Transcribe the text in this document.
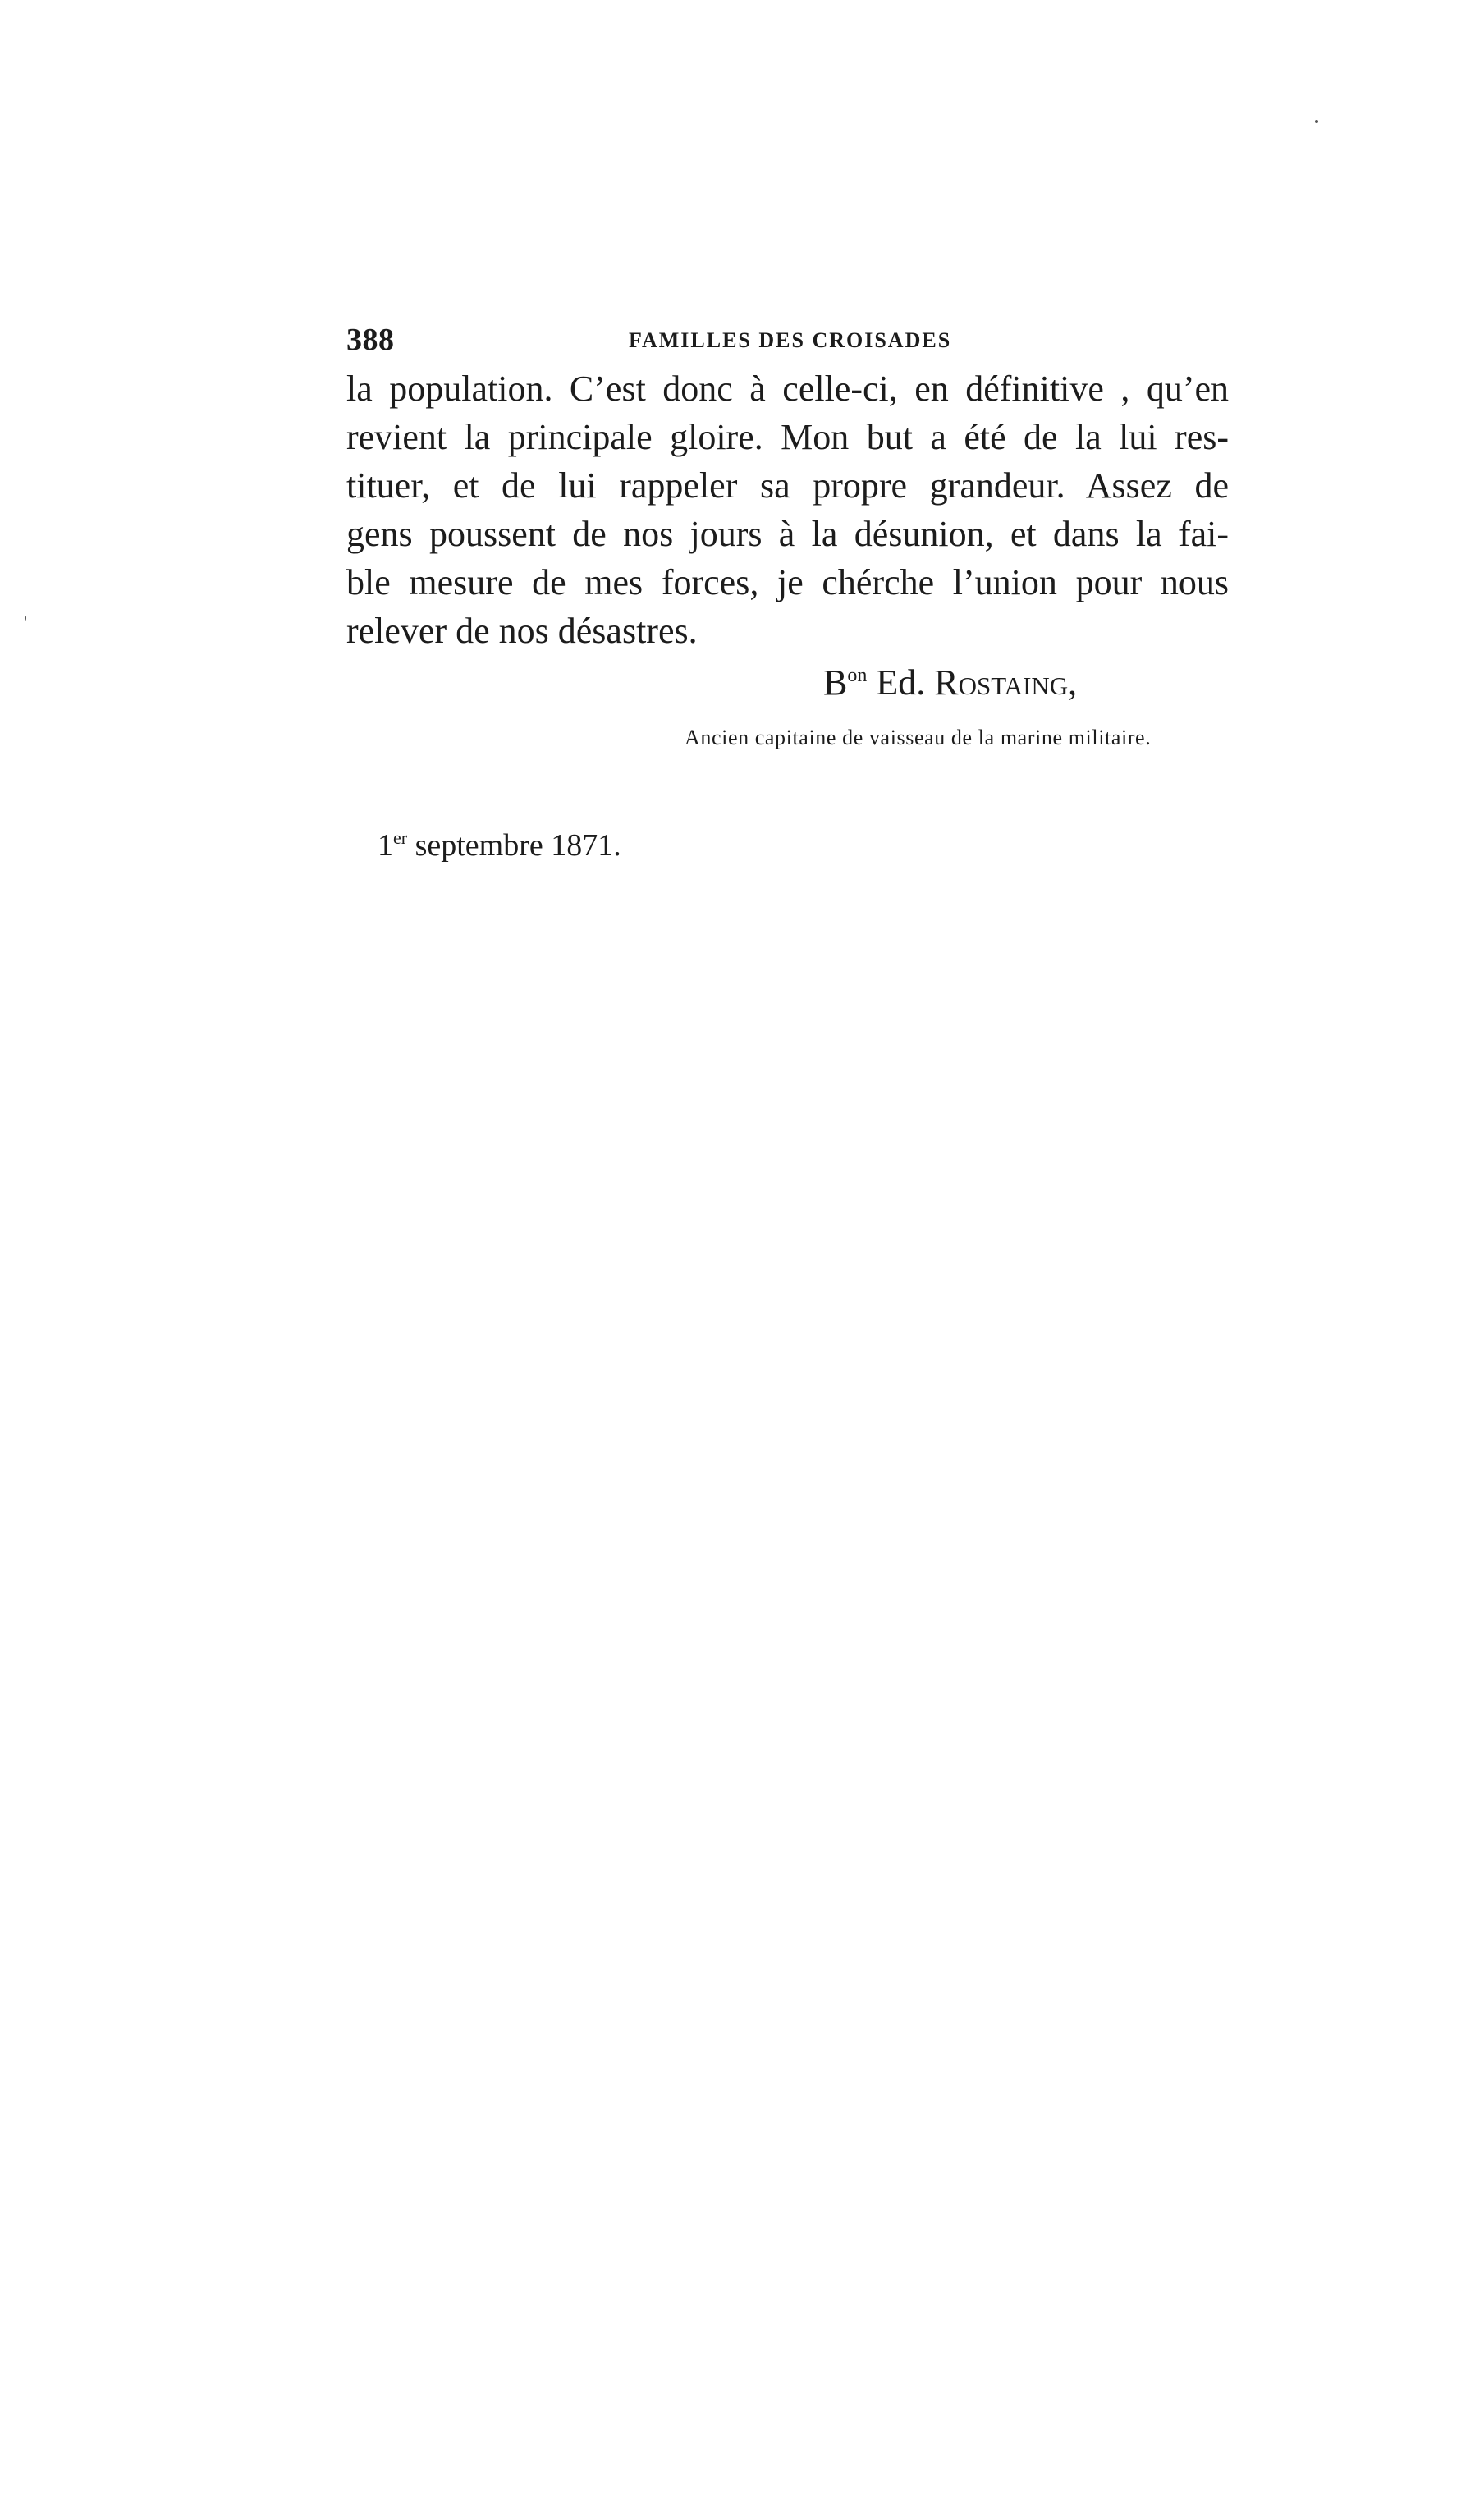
388	FAMILLES DES CROISADES
la population. C’est donc à celle-ci, en définitive , qu’en
revient la principale gloire. Mon but a été de la lui res-
tituer, et de lui rappeler sa propre grandeur. Assez de
gens poussent de nos jours à la désunion, et dans la fai-
ble mesure de mes forces, je chérche l’union pour nous
relever de nos désastres.
$B^{on}$ Ed. Rostaing,
Ancien capitaine de vaisseau de la marine militaire.
1er septembre 1871.
